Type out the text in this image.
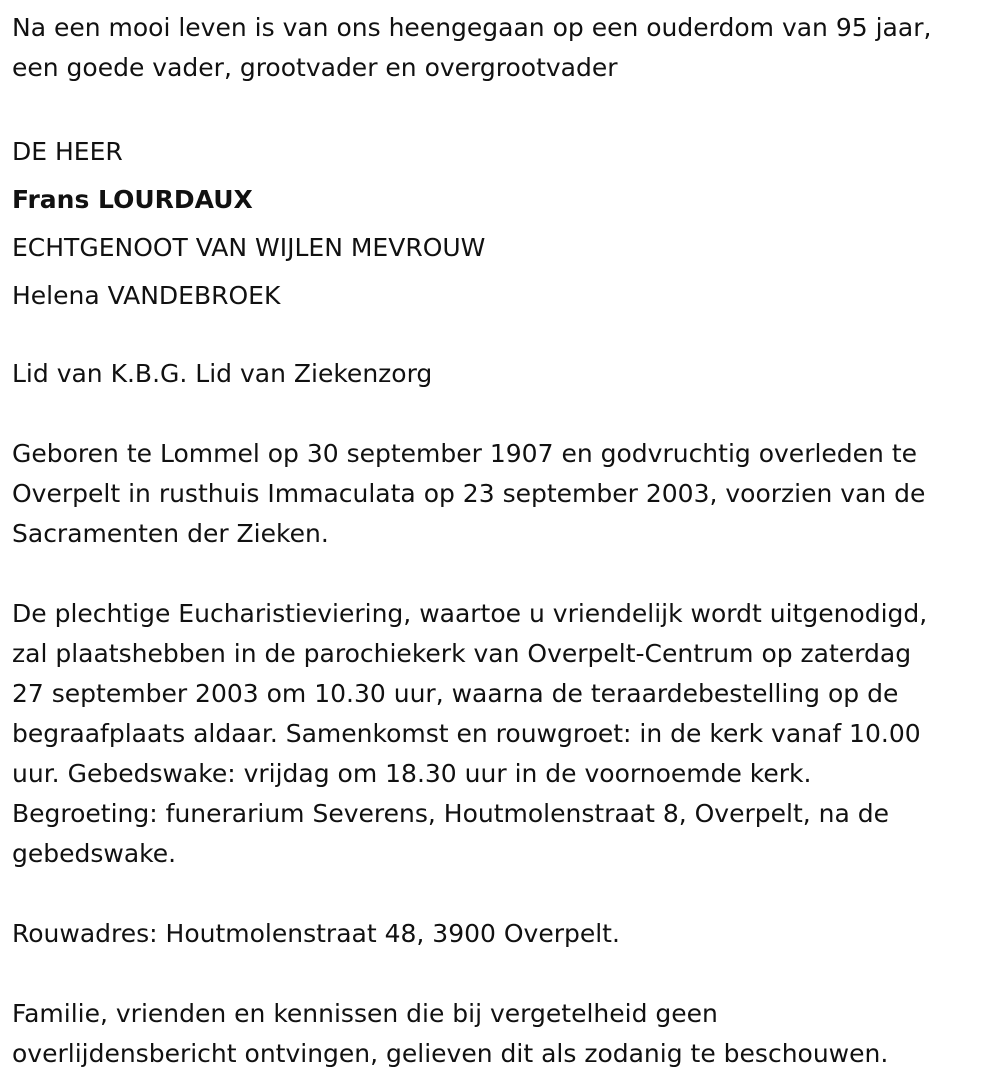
Na een mooi leven is van ons heengegaan op een ouderdom van 95 jaar,
een goede vader, grootvader en overgrootvader
DE HEER
Frans LOURDAUX
ECHTGENOOT VAN WIJLEN MEVROUW
Helena VANDEBROEK
Lid van K.B.G. Lid van Ziekenzorg
Geboren te Lommel op 30 september 1907 en godvruchtig overleden te
Overpelt in rusthuis Immaculata op 23 september 2003, voorzien van de
Sacramenten der Zieken.
De plechtige Eucharistieviering, waartoe u vriendelijk wordt uitgenodigd,
zal plaatshebben in de parochiekerk van Overpelt-Centrum op zaterdag
27 september 2003 om 10.30 uur, waarna de teraardebestelling op de
begraafplaats aldaar. Samenkomst en rouwgroet: in de kerk vanaf 10.00
uur. Gebedswake: vrijdag om 18.30 uur in de voornoemde kerk.
Begroeting: funerarium Severens, Houtmolenstraat 8, Overpelt, na de
gebedswake.
Rouwadres: Houtmolenstraat 48, 3900 Overpelt.
Familie, vrienden en kennissen die bij vergetelheid geen
overlijdensbericht ontvingen, gelieven dit als zodanig te beschouwen.
